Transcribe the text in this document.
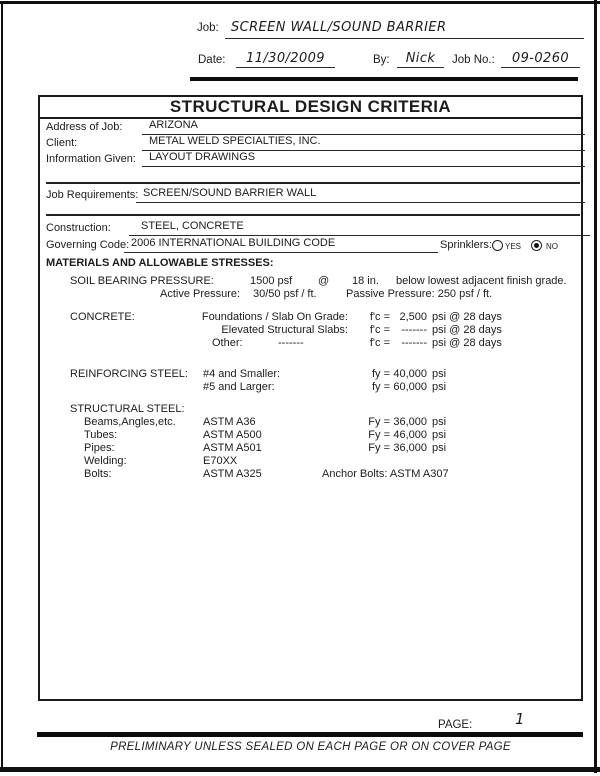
Job: SCREEN WALL/SOUND BARRIER
Date:	11/30/2009	By:	Nick	Job No.:	09-0260
STRUCTURAL DESIGN CRITERIA
Address of Job:	ARIZONA
Client:	METAL WELD SPECIALTIES, INC.
Information Given:	LAYOUT DRAWINGS
Job Requirements: SCREEN/SOUND BARRIER WALL
Construction:	STEEL, CONCRETE
Governing Code: 2006 INTERNATIONAL BUILDING CODE	Sprinklers: YES	NO
MATERIALS AND ALLOWABLE STRESSES:
SOIL BEARING PRESSURE:	1500 psf @ 18 in. below lowest adjacent finish grade.
Active Pressure: 30/50 psf / ft.	Passive Pressure: 250 psf / ft.
CONCRETE:	Foundations / Slab On Grade:	f'c = 2,500 psi @ 28 days
Elevated Structural Slabs:	f'c =	------- psi @ 28 days
Other:	-------	f'c =	------- psi @ 28 days
REINFORCING STEEL: #4 and Smaller:	fy = 40,000 psi
#5 and Larger:	fy = 60,000 psi
STRUCTURAL STEEL:
Beams,Angles,etc. ASTM A36	Fy = 36,000 psi
Tubes:	ASTM A500	Fy = 46,000 psi
Pipes:	ASTM A501	Fy = 36,000 psi
Welding:	E70XX
Bolts:	ASTM A325	Anchor Bolts: ASTM A307
PAGE:	1
PRELIMINARY UNLESS SEALED ON EACH PAGE OR ON COVER PAGE
